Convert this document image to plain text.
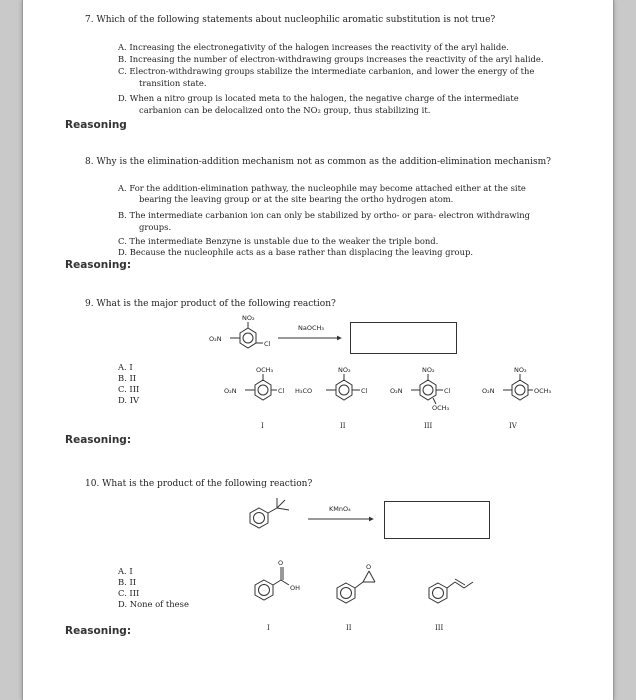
7. Which of the following statements about nucleophilic aromatic substitution is not true?
A. Increasing the electronegativity of the halogen increases the reactivity of the aryl halide.
B. Increasing the number of electron-withdrawing groups increases the reactivity of the aryl halide.
C. Electron-withdrawing groups stabilize the intermediate carbanion, and lower the energy of the
transition state.
D. When a nitro group is located meta to the halogen, the negative charge of the intermediate
carbanion can be delocalized onto the NO₂ group, thus stabilizing it.
Reasoning
8. Why is the elimination-addition mechanism not as common as the addition-elimination mechanism?
A. For the addition-elimination pathway, the nucleophile may become attached either at the site
bearing the leaving group or at the site bearing the ortho hydrogen atom.
B. The intermediate carbanion ion can only be stabilized by ortho- or para- electron withdrawing
groups.
C. The intermediate Benzyne is unstable due to the weaker the triple bond.
D. Because the nucleophile acts as a base rather than displacing the leaving group.
Reasoning:
9. What is the major product of the following reaction?
A. I
B. II
C. III
D. IV
Reasoning:
10. What is the product of the following reaction?
A. I
B. II
C. III
D. None of these
Reasoning:
NO₂
O₂N
Cl
NaOCH₃
OCH₃
O₂N	Cl
I
NO₂
H₃CO	Cl
II
NO₂
O₂N	Cl
OCH₃
III
NO₂
O₂N	OCH₃
IV
KMnO₄
O
OH
I
O
II	III
